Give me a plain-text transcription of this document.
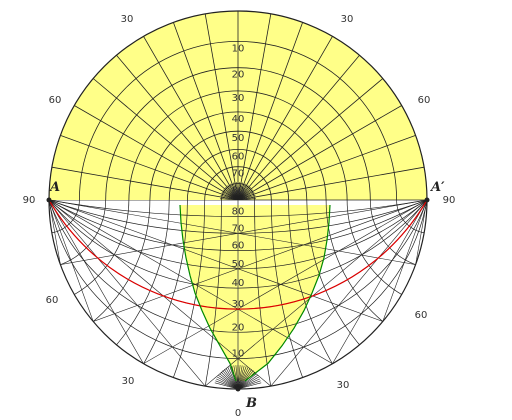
10
20
30
40
50
60
70
80
80
70
60
50
40
30
20
10
30	30
60	60
90	90
60
60
30	30
0
A	A′
B
